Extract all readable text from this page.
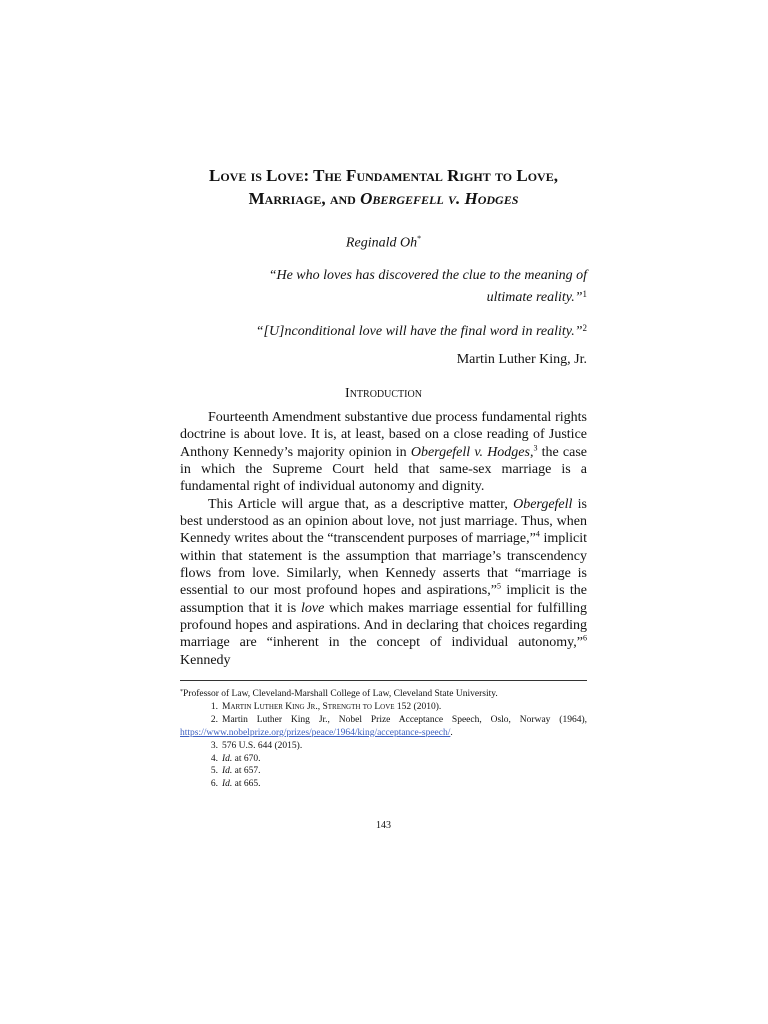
Love is Love: The Fundamental Right to Love,
Marriage, and Obergefell v. Hodges
Reginald Oh*
“He who loves has discovered the clue to the meaning of ultimate reality.”$^1$
“[U]nconditional love will have the final word in reality.”$^2$
Martin Luther King, Jr.
Introduction

Fourteenth Amendment substantive due process fundamental rights doctrine is about love. It is, at least, based on a close reading of Justice Anthony Kennedy’s majority opinion in Obergefell v. Hodges,$^3$ the case in which the Supreme Court held that same-sex marriage is a fundamental right of individual autonomy and dignity.

This Article will argue that, as a descriptive matter, Obergefell is best understood as an opinion about love, not just marriage. Thus, when Kennedy writes about the “transcendent purposes of marriage,”$^4$ implicit within that statement is the assumption that marriage’s transcendency flows from love. Similarly, when Kennedy asserts that “marriage is essential to our most profound hopes and aspirations,”$^5$ implicit is the assumption that it is love which makes marriage essential for fulfilling profound hopes and aspirations. And in declaring that choices regarding marriage are “inherent in the concept of individual autonomy,”$^6$ Kennedy

*Professor of Law, Cleveland-Marshall College of Law, Cleveland State University.

1. Martin Luther King Jr., Strength to Love 152 (2010).

2. Martin Luther King Jr., Nobel Prize Acceptance Speech, Oslo, Norway (1964), https://www.nobelprize.org/prizes/peace/1964/king/acceptance-speech/.

3. 576 U.S. 644 (2015).

4. Id. at 670.

5. Id. at 657.

6. Id. at 665.

143
